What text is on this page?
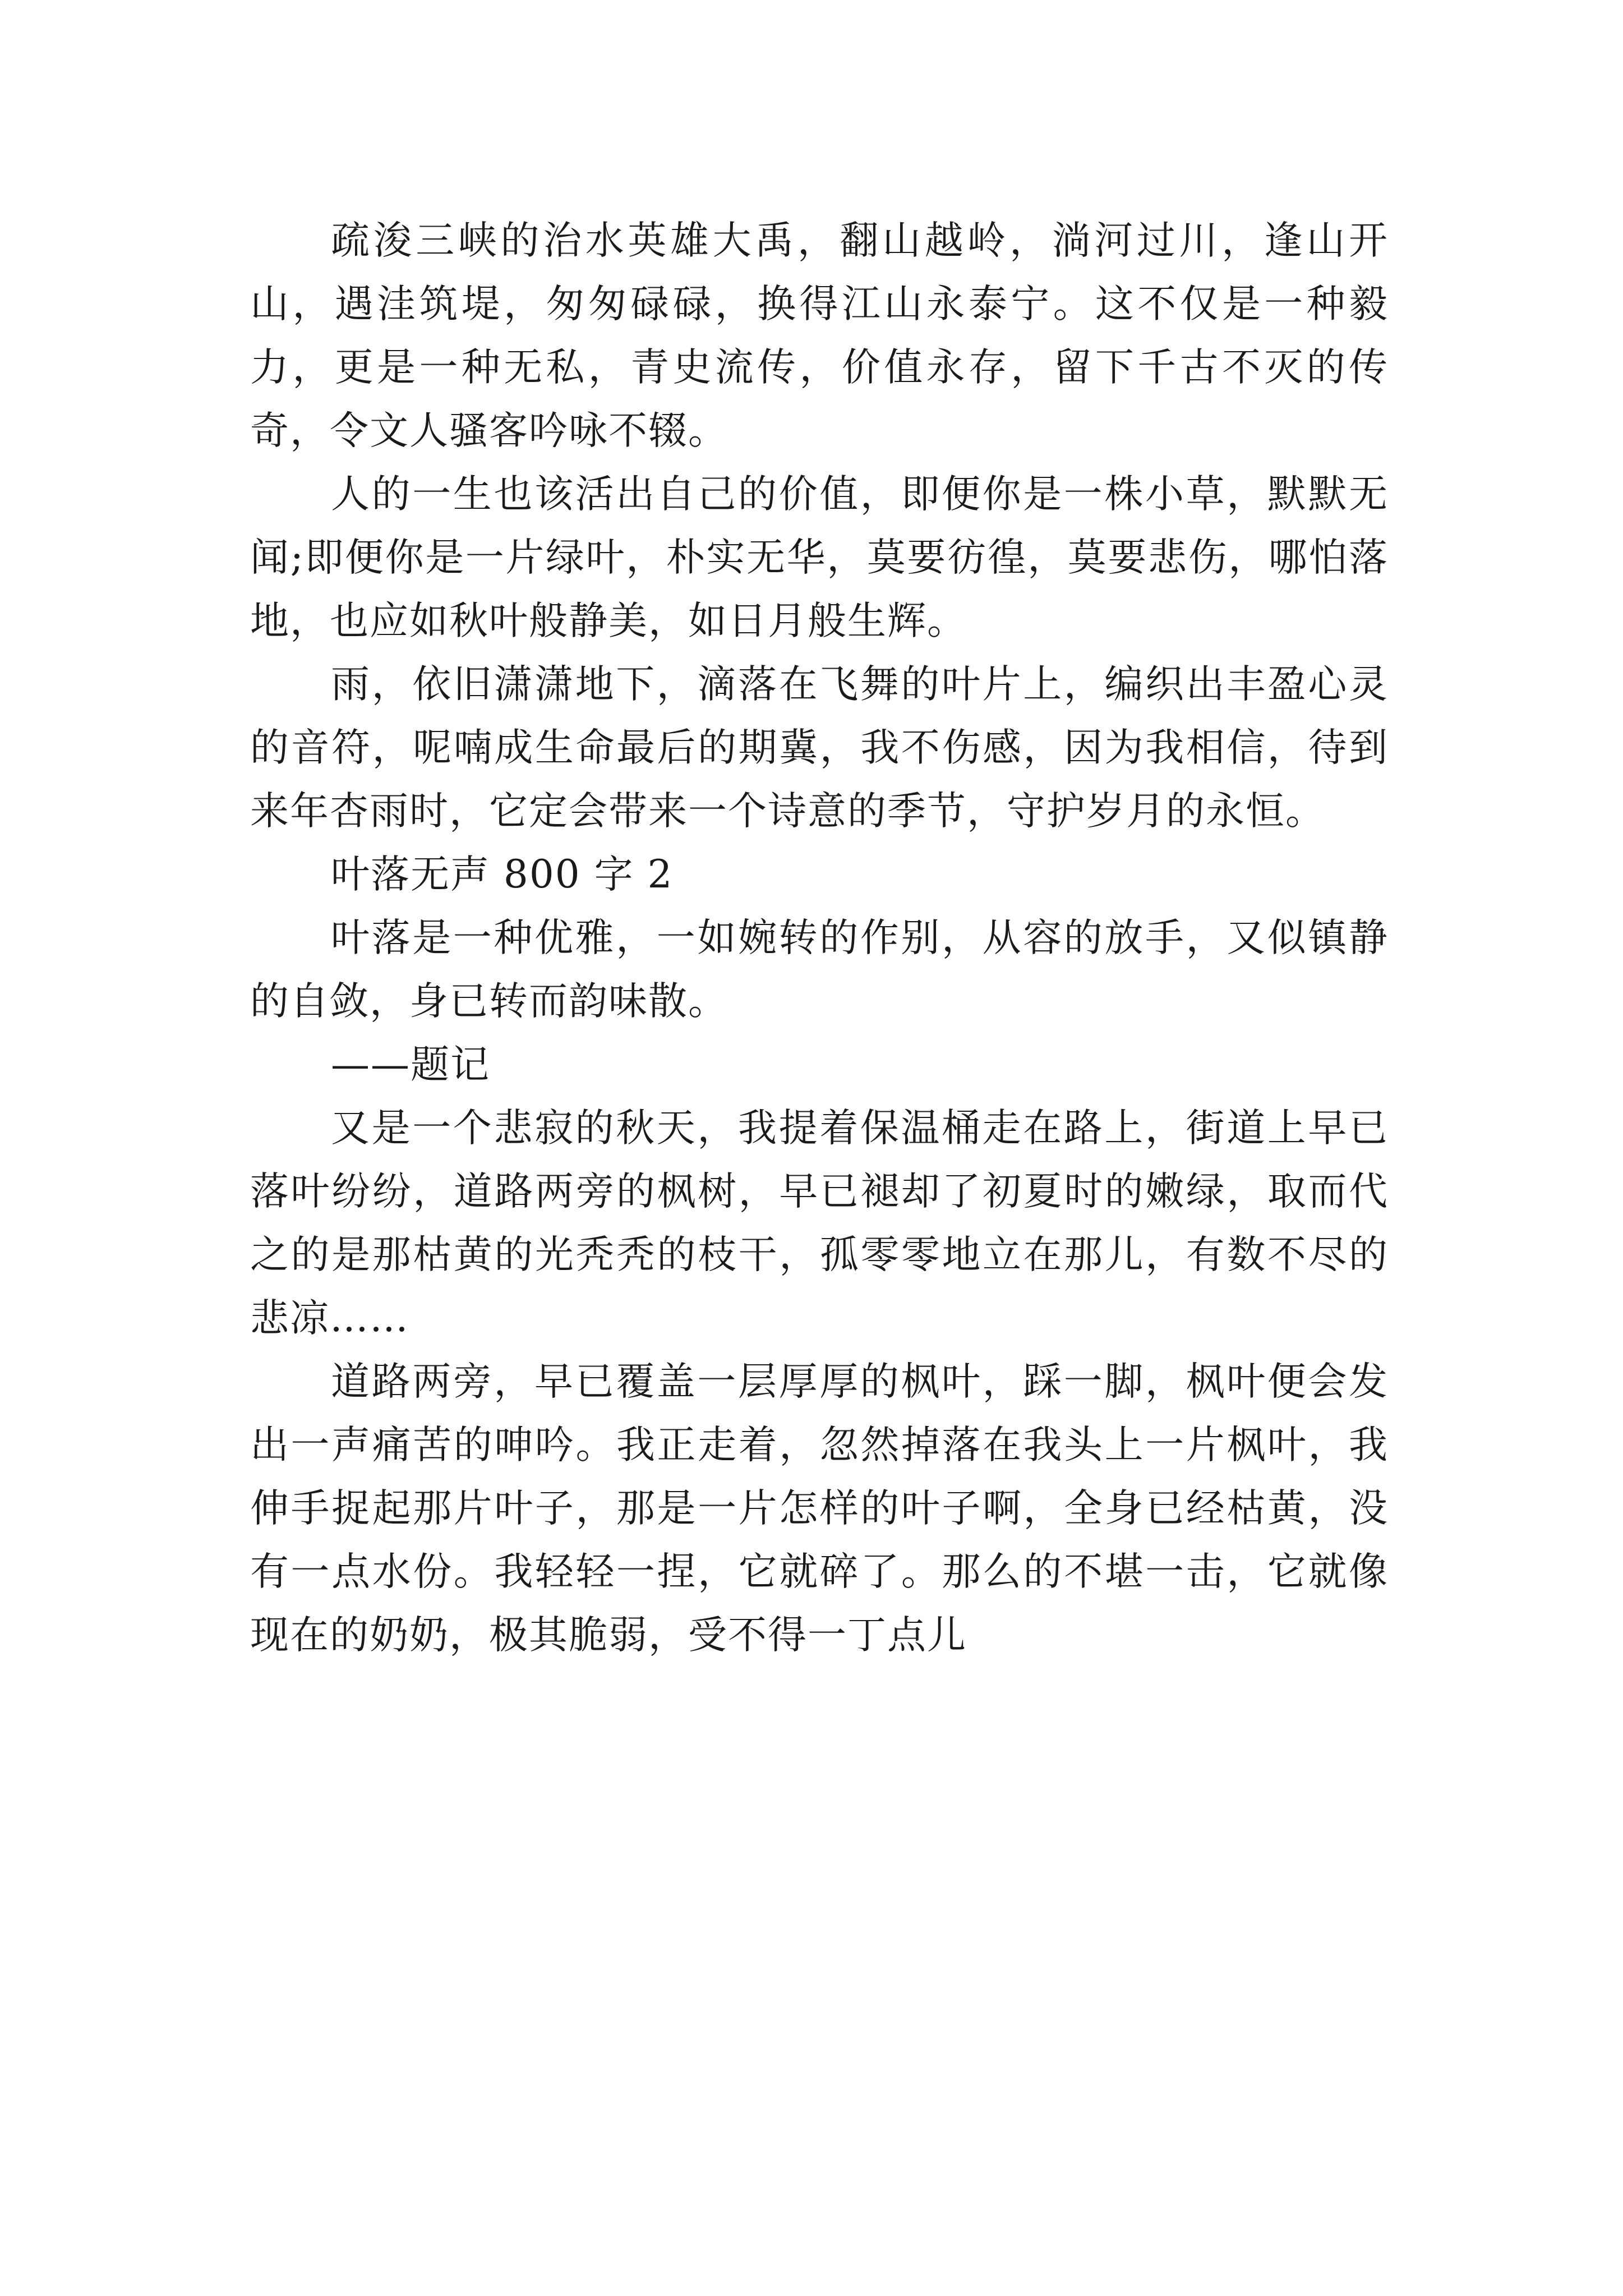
疏浚三峡的治水英雄大禹，翻山越岭，淌河过川，逢山开山，遇洼筑堤，匆匆碌碌，换得江山永泰宁。这不仅是一种毅力，更是一种无私，青史流传，价值永存，留下千古不灭的传奇，令文人骚客吟咏不辍。

人的一生也该活出自己的价值，即便你是一株小草，默默无闻;即便你是一片绿叶，朴实无华，莫要彷徨，莫要悲伤，哪怕落地，也应如秋叶般静美，如日月般生辉。

雨，依旧潇潇地下，滴落在飞舞的叶片上，编织出丰盈心灵的音符，呢喃成生命最后的期冀，我不伤感，因为我相信，待到来年杏雨时，它定会带来一个诗意的季节，守护岁月的永恒。

叶落无声 800 字 2

叶落是一种优雅，一如婉转的作别，从容的放手，又似镇静的自敛，身已转而韵味散。

——题记

又是一个悲寂的秋天，我提着保温桶走在路上，街道上早已落叶纷纷，道路两旁的枫树，早已褪却了初夏时的嫩绿，取而代之的是那枯黄的光秃秃的枝干，孤零零地立在那儿，有数不尽的悲凉……

道路两旁，早已覆盖一层厚厚的枫叶，踩一脚，枫叶便会发出一声痛苦的呻吟。我正走着，忽然掉落在我头上一片枫叶，我伸手捉起那片叶子，那是一片怎样的叶子啊，全身已经枯黄，没有一点水份。我轻轻一捏，它就碎了。那么的不堪一击，它就像现在的奶奶，极其脆弱，受不得一丁点儿
